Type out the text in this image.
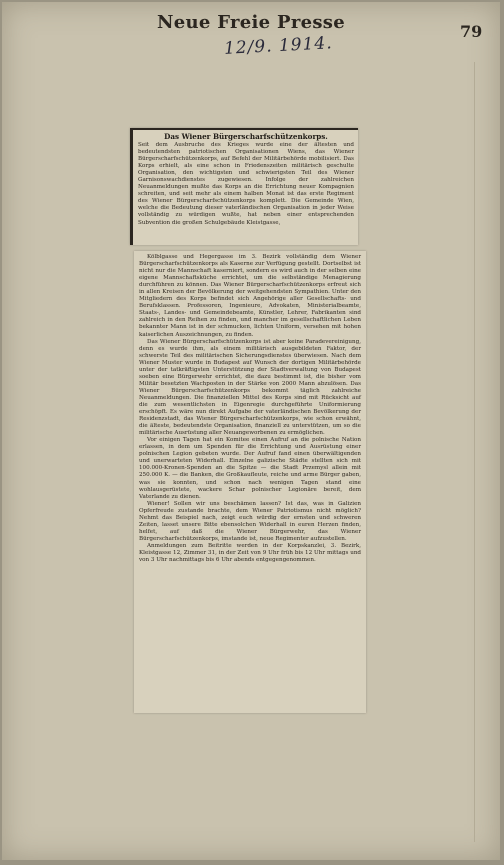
Neue Freie Presse	79
12/9. 1914.
Das Wiener Bürgerscharfschützenkorps.
Seit dem Ausbruche des Krieges wurde eine der ältesten und bedeutendsten patriotischen Organisationen Wiens, das Wiener Bürgerscharfschützenkorps, auf Befehl der Militärbehörde mobilisiert. Das Korps erhielt, als eine schon in Friedenszeiten militärisch geschulte Organisation, den wichtigsten und schwierigsten Teil des Wiener Garnisonswachdienstes zugewiesen. Infolge der zahlreichen Neuanmeldungen mußte das Korps an die Errichtung neuer Kompagnien schreiten, und seit mehr als einem halben Monat ist das erste Regiment des Wiener Bürgerscharfschützenkorps komplett. Die Gemeinde Wien, welche die Bedeutung dieser vaterländischen Organisation in jeder Weise vollständig zu würdigen wußte, hat neben einer entsprechenden Subvention die großen Schulgebäude Kleistgasse,
Kölblgasse und Hegergasse im 3. Bezirk vollständig dem Wiener Bürgerscharfschützenkorps als Kaserne zur Verfügung gestellt. Dortselbst ist nicht nur die Mannschaft kaserniert, sondern es wird auch in der selben eine eigene Mannschaftsküche errichtet, um die selbständige Menagierung durchführen zu können. Das Wiener Bürgerscharfschützenkorps erfreut sich in allen Kreisen der Bevölkerung der weitgehendsten Sympathien. Unter den Mitgliedern des Korps befindet sich Angehörige aller Gesellschafts- und Berufsklassen. Professoren, Ingenieure, Advokaten, Ministerialbeamte, Staats-, Landes- und Gemeindebeamte, Künstler, Lehrer, Fabrikanten sind zahlreich in den Reihen zu finden, und mancher im gesellschaftlichen Leben bekannter Mann ist in der schmucken, lichten Uniform, versehen mit hohen kaiserlichen Auszeichnungen, zu finden.
Das Wiener Bürgerscharfschützenkorps ist aber keine Paradevereinigung, denn es wurde ihm, als einem militärisch ausgebildeten Faktor, der schwerste Teil des militärischen Sicherungsdienstes überwiesen. Nach dem Wiener Muster wurde in Budapest auf Wunsch der dortigen Militärbehörde unter der tatkräftigsten Unterstützung der Stadtverwaltung von Budapest soeben eine Bürgerwehr errichtet, die dazu bestimmt ist, die bisher vom Militär besetzten Wachposten in der Stärke von 2000 Mann abzulösen. Das Wiener Bürgerscharfschützenkorps bekommt täglich zahlreiche Neuanmeldungen. Die finanziellen Mittel des Korps sind mit Rücksicht auf die zum wesentlichsten in Eigenregie durchgeführte Uniformierung erschöpft. Es wäre nun direkt Aufgabe der vaterländischen Bevölkerung der Residenzstadt, das Wiener Bürgerscharfschützenkorps, wie schon erwähnt, die älteste, bedeutendste Organisation, finanziell zu unterstützen, um so die militärische Ausrüstung aller Neuangeworbenen zu ermöglichen.
Vor einigen Tagen hat ein Komitee einen Aufruf an die polnische Nation erlassen, in dem um Spenden für die Errichtung und Ausrüstung einer polnischen Legion gebeten wurde. Der Aufruf fand einen überwältigenden und unerwarteten Widerhall. Einzelne galizische Städte stellten sich mit 100.000-Kronen-Spenden an die Spitze — die Stadt Przemysl allein mit 250.000 K. — die Banken, die Großkaufleute, reiche und arme Bürger gaben, was sie konnten, und schon nach wenigen Tagen stand eine wohlausgerüstete, wackere Schar polnischer Legionäre bereit, dem Vaterlande zu dienen.
Wiener! Sollen wir uns beschämen lassen? Ist das, was in Galizien Opferfreude zustande brachte, dem Wiener Patriotismus nicht möglich? Nehmt das Beispiel nach, zeigt euch würdig der ernsten und schweren Zeiten, lasset unsere Bitte ebensolchen Widerhall in euren Herzen finden, helfet, auf daß die Wiener Bürgerwehr, das Wiener Bürgerscharfschützenkorps, imstande ist, neue Regimenter aufzustellen.
Anmeldungen zum Beitritte werden in der Korpskanzlei, 3. Bezirk, Kleistgasse 12, Zimmer 31, in der Zeit von 9 Uhr früh bis 12 Uhr mittags und von 3 Uhr nachmittags bis 6 Uhr abends entgegengenommen.
